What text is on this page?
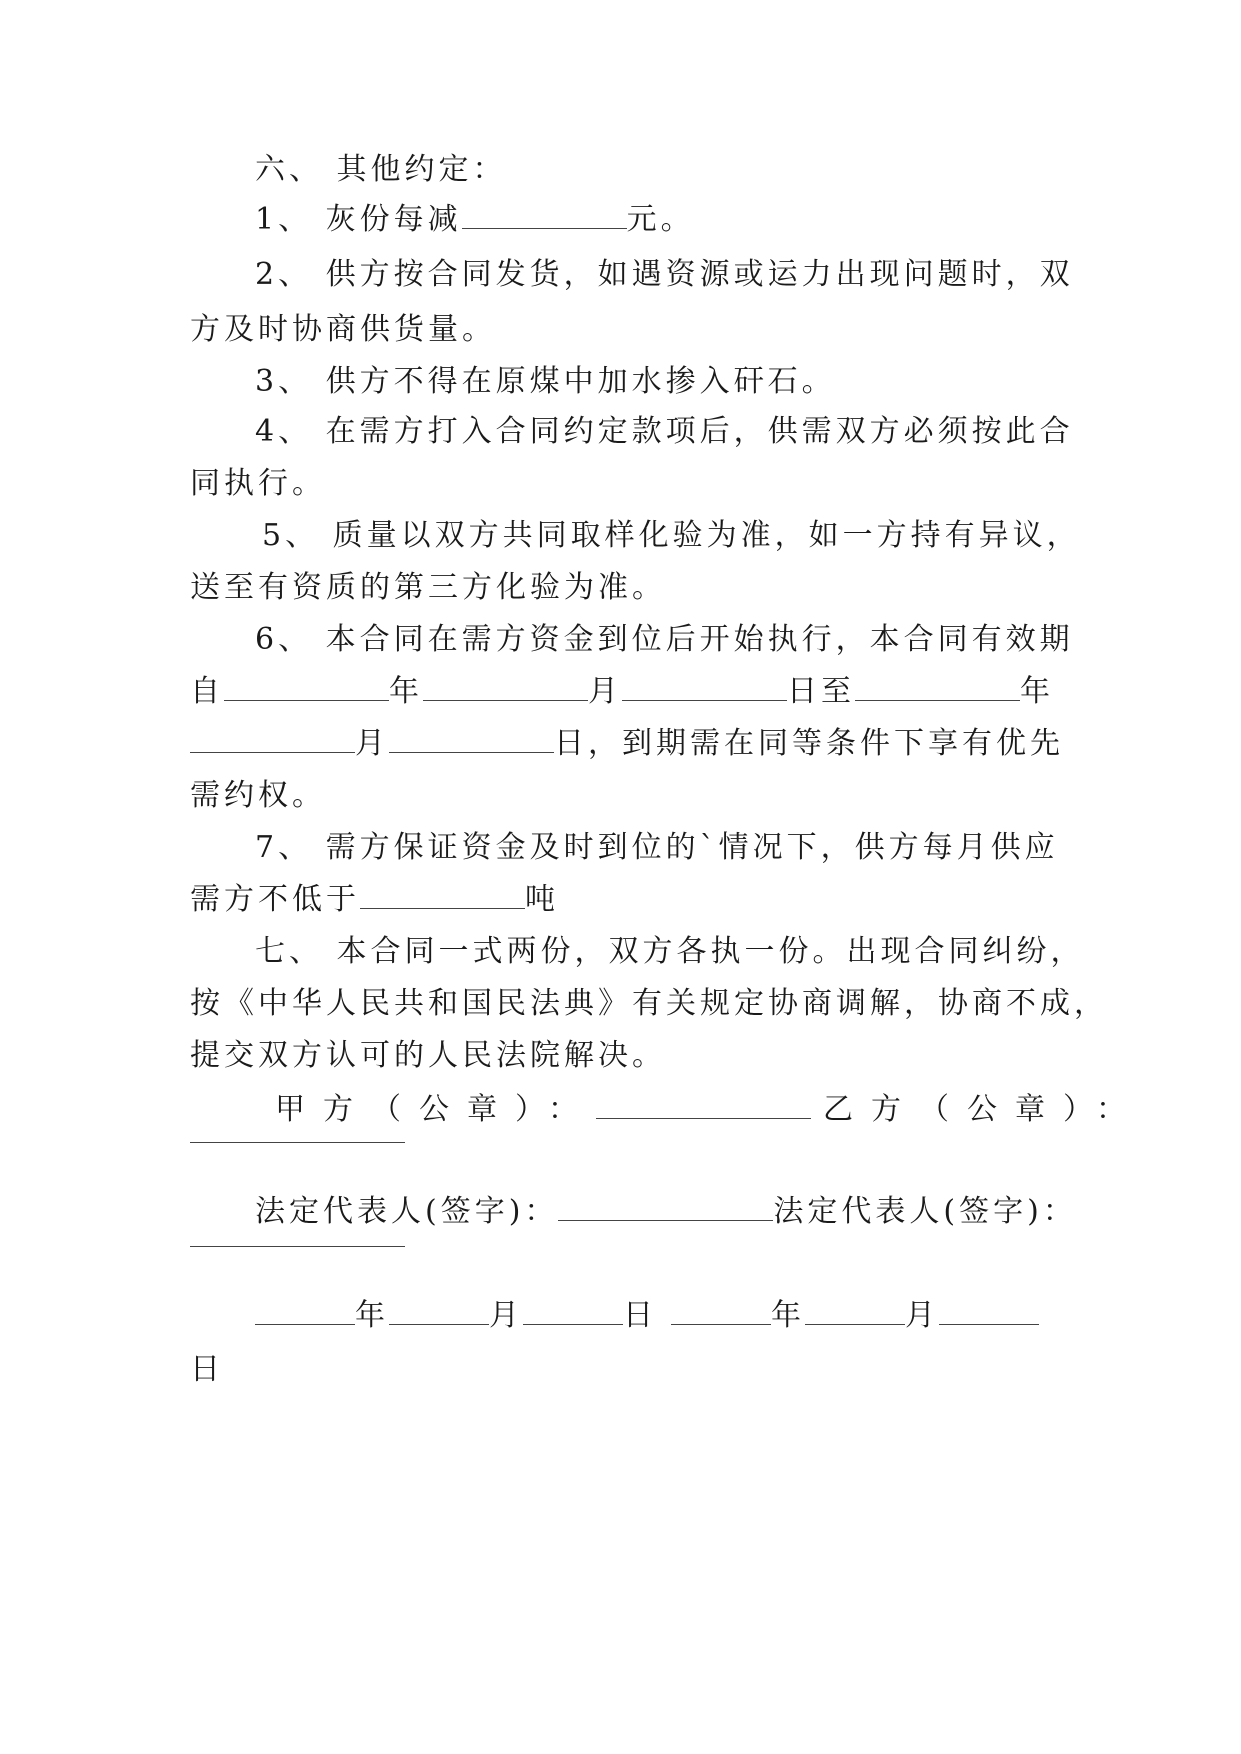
六、 其他约定：
1、 灰份每减	元。
2、 供方按合同发货，如遇资源或运力出现问题时，双
方及时协商供货量。
3、 供方不得在原煤中加水掺入矸石。
4、 在需方打入合同约定款项后，供需双方必须按此合
同执行。
5、 质量以双方共同取样化验为准，如一方持有异议，
送至有资质的第三方化验为准。
6、 本合同在需方资金到位后开始执行，本合同有效期
自	年	月	日至	年
月	日，到期需在同等条件下享有优先
需约权。
7、 需方保证资金及时到位的`情况下，供方每月供应
需方不低于	吨
七、 本合同一式两份，双方各执一份。出现合同纠纷，
按《中华人民共和国民法典》有关规定协商调解，协商不成，
提交双方认可的人民法院解决。
甲方（公章）：	乙方（公章）：
法定代表人(签字)：	法定代表人(签字)：
年	月	日	年	月
日
